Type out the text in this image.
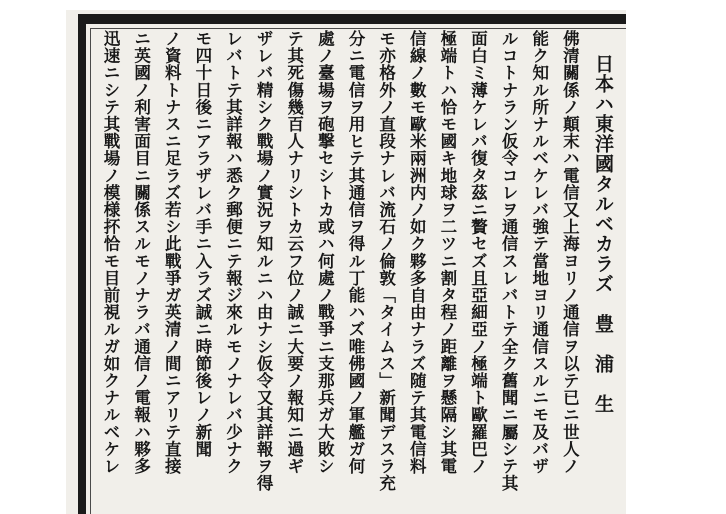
日本ハ東洋國タルベカラズ　豊　浦　生
佛清關係ノ顛末ハ電信又上海ヨリノ通信ヲ以テ已ニ世人ノ
能ク知ル所ナルベケレバ強テ當地ヨリ通信スルニモ及バザ
ルコトナラン仮令コレヲ通信スレバトテ全ク舊聞ニ屬シテ其
面白ミ薄ケレバ復タ茲ニ贅セズ且亞細亞ノ極端ト歐羅巴ノ
極端トハ恰モ國キ地球ヲ二ツニ割タ程ノ距離ヲ懸隔シ其電
信線ノ數モ歐米兩洲内ノ如ク夥多自由ナラズ随テ其電信料
モ亦格外ノ直段ナレバ流石ノ倫敦「タイムス」新聞デスラ充
分ニ電信ヲ用ヒテ其通信ヲ得ル丁能ハズ唯佛國ノ軍艦ガ何
處ノ臺場ヲ砲撃セシトカ或ハ何處ノ戰爭ニ支那兵ガ大敗シ
テ其死傷幾百人ナリシトカ云フ位ノ誠ニ大要ノ報知ニ過ギ
ザレバ精シク戰場ノ實況ヲ知ルニハ由ナシ仮令又其詳報ヲ得
レバトテ其詳報ハ悉ク郵便ニテ報ジ來ルモノナレバ少ナク
モ四十日後ニアラザレバ手ニ入ラズ誠ニ時節後レノ新聞
ノ資料トナスニ足ラズ若シ此戰爭ガ英清ノ間ニアリテ直接
ニ英國ノ利害面目ニ關係スルモノナラバ通信ノ電報ハ夥多
迅速ニシテ其戰場ノ模様抔恰モ目前視ルガ如クナルベケレ
